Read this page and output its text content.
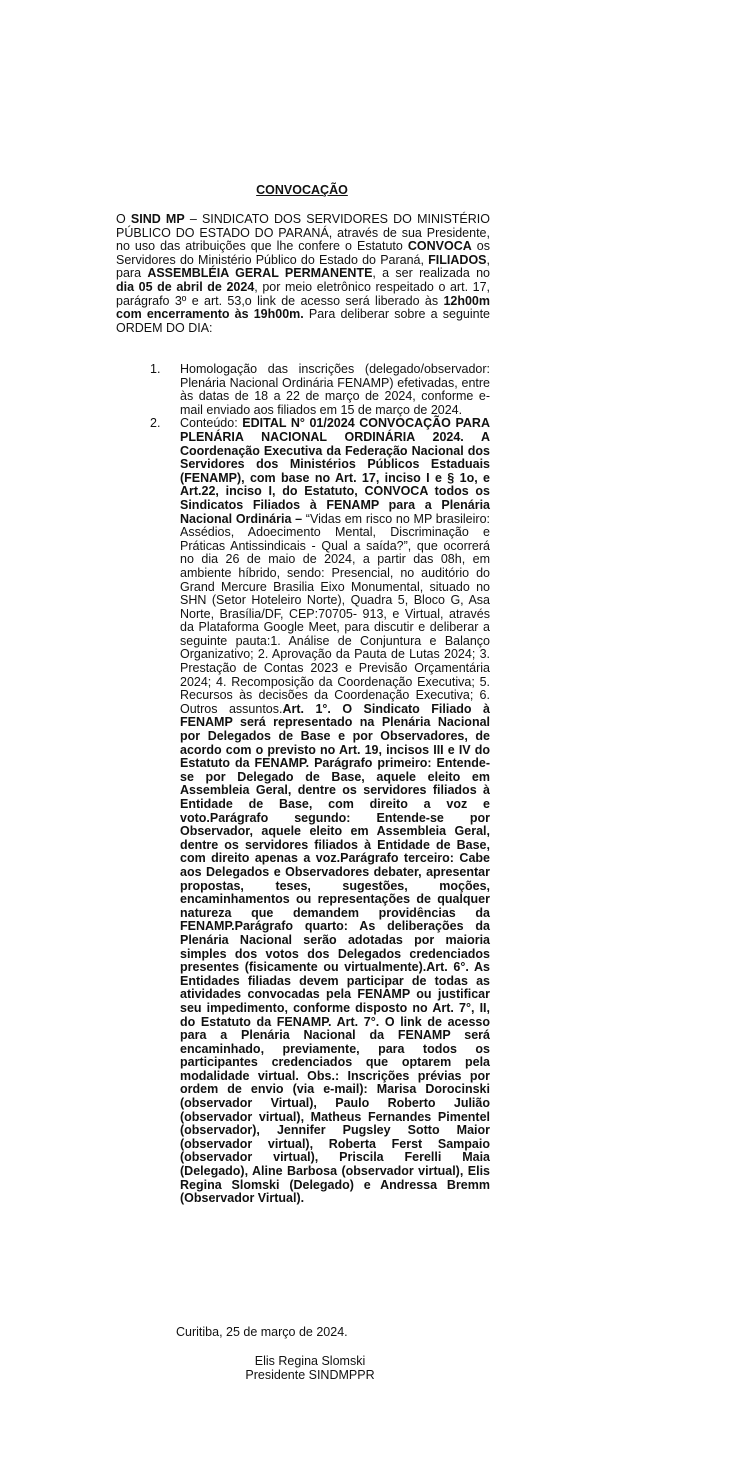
CONVOCAÇÃO
O SIND MP – SINDICATO DOS SERVIDORES DO MINISTÉRIO PÚBLICO DO ESTADO DO PARANÁ, através de sua Presidente, no uso das atribuições que lhe confere o Estatuto CONVOCA os Servidores do Ministério Público do Estado do Paraná, FILIADOS, para ASSEMBLÉIA GERAL PERMANENTE, a ser realizada no dia 05 de abril de 2024, por meio eletrônico respeitado o art. 17, parágrafo 3º e art. 53,o link de acesso será liberado às 12h00m com encerramento às 19h00m. Para deliberar sobre a seguinte ORDEM DO DIA:
1. Homologação das inscrições (delegado/observador: Plenária Nacional Ordinária FENAMP) efetivadas, entre às datas de 18 a 22 de março de 2024, conforme e-mail enviado aos filiados em 15 de março de 2024.
2. Conteúdo: EDITAL N° 01/2024 CONVOCAÇÃO PARA PLENÁRIA NACIONAL ORDINÁRIA 2024. A Coordenação Executiva da Federação Nacional dos Servidores dos Ministérios Públicos Estaduais (FENAMP), com base no Art. 17, inciso I e § 1o, e Art.22, inciso I, do Estatuto, CONVOCA todos os Sindicatos Filiados à FENAMP para a Plenária Nacional Ordinária – “Vidas em risco no MP brasileiro: Assédios, Adoecimento Mental, Discriminação e Práticas Antissindicais - Qual a saída?”, que ocorrerá no dia 26 de maio de 2024, a partir das 08h, em ambiente híbrido, sendo: Presencial, no auditório do Grand Mercure Brasilia Eixo Monumental, situado no SHN (Setor Hoteleiro Norte), Quadra 5, Bloco G, Asa Norte, Brasília/DF, CEP:70705- 913, e Virtual, através da Plataforma Google Meet, para discutir e deliberar a seguinte pauta:1. Análise de Conjuntura e Balanço Organizativo; 2. Aprovação da Pauta de Lutas 2024; 3. Prestação de Contas 2023 e Previsão Orçamentária 2024; 4. Recomposição da Coordenação Executiva; 5. Recursos às decisões da Coordenação Executiva; 6. Outros assuntos.Art. 1°. O Sindicato Filiado à FENAMP será representado na Plenária Nacional por Delegados de Base e por Observadores, de acordo com o previsto no Art. 19, incisos III e IV do Estatuto da FENAMP. Parágrafo primeiro: Entende-se por Delegado de Base, aquele eleito em Assembleia Geral, dentre os servidores filiados à Entidade de Base, com direito a voz e voto.Parágrafo segundo: Entende-se por Observador, aquele eleito em Assembleia Geral, dentre os servidores filiados à Entidade de Base, com direito apenas a voz.Parágrafo terceiro: Cabe aos Delegados e Observadores debater, apresentar propostas, teses, sugestões, moções, encaminhamentos ou representações de qualquer natureza que demandem providências da FENAMP.Parágrafo quarto: As deliberações da Plenária Nacional serão adotadas por maioria simples dos votos dos Delegados credenciados presentes (fisicamente ou virtualmente).Art. 6°. As Entidades filiadas devem participar de todas as atividades convocadas pela FENAMP ou justificar seu impedimento, conforme disposto no Art. 7°, II, do Estatuto da FENAMP. Art. 7°. O link de acesso para a Plenária Nacional da FENAMP será encaminhado, previamente, para todos os participantes credenciados que optarem pela modalidade virtual. Obs.: Inscrições prévias por ordem de envio (via e-mail): Marisa Dorocinski (observador Virtual), Paulo Roberto Julião (observador virtual), Matheus Fernandes Pimentel (observador), Jennifer Pugsley Sotto Maior (observador virtual), Roberta Ferst Sampaio (observador virtual), Priscila Ferelli Maia (Delegado), Aline Barbosa (observador virtual), Elis Regina Slomski (Delegado) e Andressa Bremm (Observador Virtual).
Curitiba, 25 de março de 2024.
Elis Regina Slomski
Presidente SINDMPPR
